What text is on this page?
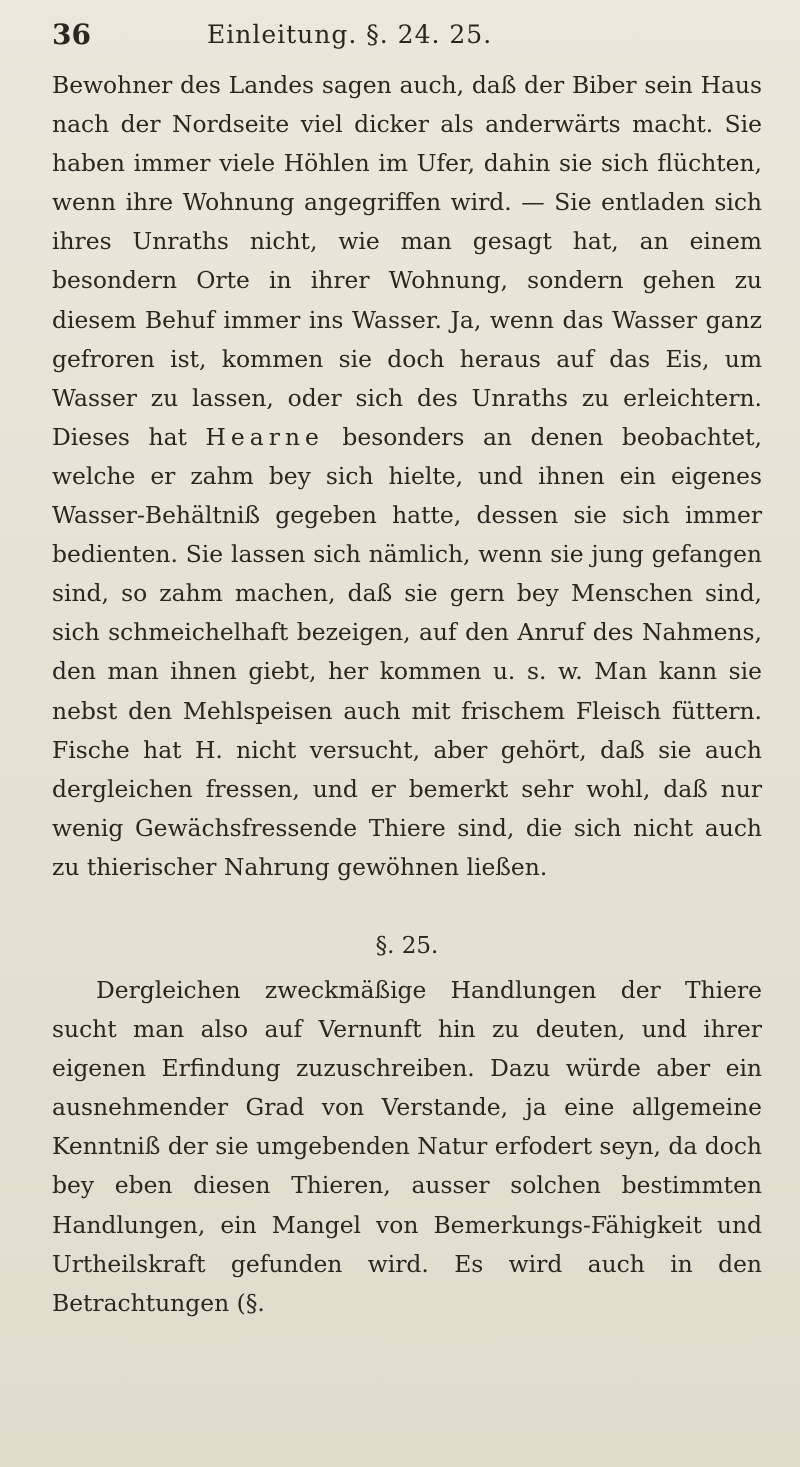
36	Einleitung. §. 24. 25.

Bewohner des Landes sagen auch, daß der Biber sein Haus nach der Nordseite viel dicker als anderwärts macht. Sie haben immer viele Höhlen im Ufer, dahin sie sich flüchten, wenn ihre Wohnung angegriffen wird. — Sie entladen sich ihres Unraths nicht, wie man gesagt hat, an einem besondern Orte in ihrer Wohnung, sondern gehen zu diesem Behuf immer ins Wasser. Ja, wenn das Wasser ganz gefroren ist, kommen sie doch heraus auf das Eis, um Wasser zu lassen, oder sich des Unraths zu erleichtern. Dieses hat Hearne besonders an denen beobachtet, welche er zahm bey sich hielte, und ihnen ein eigenes Wasser-Behältniß gegeben hatte, dessen sie sich immer bedienten. Sie lassen sich nämlich, wenn sie jung gefangen sind, so zahm machen, daß sie gern bey Menschen sind, sich schmeichelhaft bezeigen, auf den Anruf des Nahmens, den man ihnen giebt, her kommen u. s. w. Man kann sie nebst den Mehlspeisen auch mit frischem Fleisch füttern. Fische hat H. nicht versucht, aber gehört, daß sie auch dergleichen fressen, und er bemerkt sehr wohl, daß nur wenig Gewächsfressende Thiere sind, die sich nicht auch zu thierischer Nahrung gewöhnen ließen.

§. 25.

Dergleichen zweckmäßige Handlungen der Thiere sucht man also auf Vernunft hin zu deuten, und ihrer eigenen Erfindung zuzuschreiben. Dazu würde aber ein ausnehmender Grad von Verstande, ja eine allgemeine Kenntniß der sie umgebenden Natur erfodert seyn, da doch bey eben diesen Thieren, ausser solchen bestimmten Handlungen, ein Mangel von Bemerkungs-Fähigkeit und Urtheilskraft gefunden wird. Es wird auch in den Betrachtungen (§.
